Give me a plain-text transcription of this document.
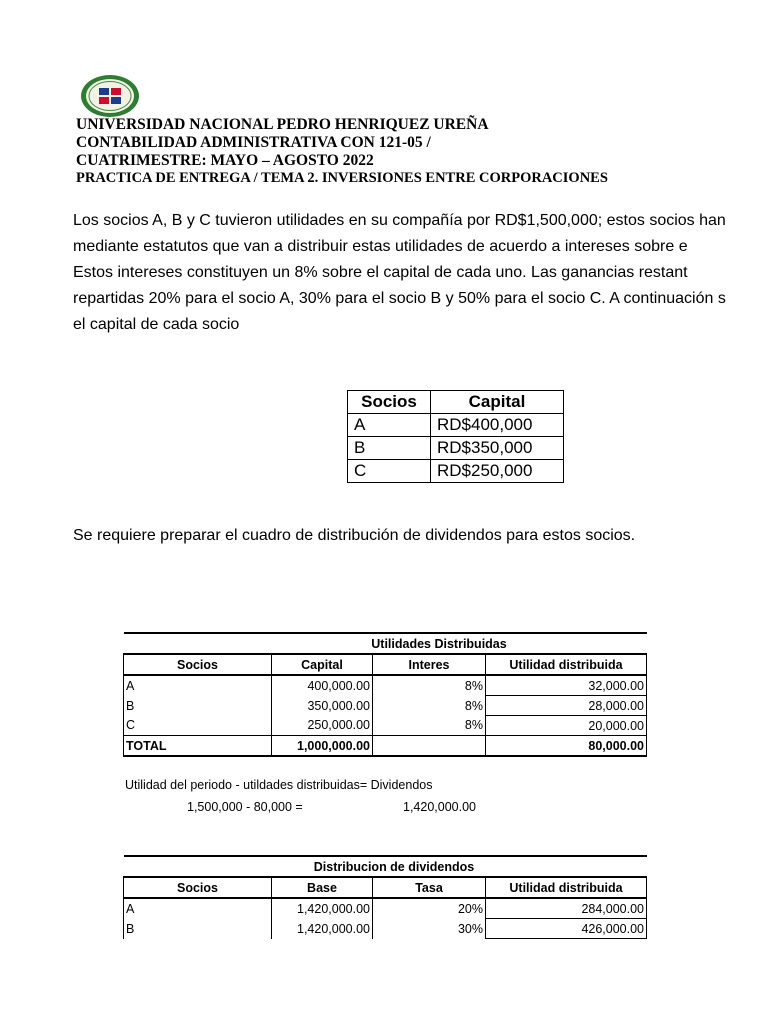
UNIVERSIDAD NACIONAL PEDRO HENRIQUEZ UREÑA
CONTABILIDAD ADMINISTRATIVA CON 121-05 /
CUATRIMESTRE: MAYO – AGOSTO 2022
PRACTICA DE ENTREGA / TEMA 2. INVERSIONES ENTRE CORPORACIONES
Los socios A, B y C tuvieron utilidades en su compañía por RD$1,500,000; estos socios han
mediante estatutos que van a distribuir estas utilidades de acuerdo a intereses sobre e
Estos intereses constituyen un 8% sobre el capital de cada uno. Las ganancias restant
repartidas 20% para el socio A, 30% para el socio B y 50% para el socio C. A continuación s
el capital de cada socio
Socios	Capital
A	RD$400,000
B	RD$350,000
C	RD$250,000
Se requiere preparar el cuadro de distribución de dividendos para estos socios.
Utilidades Distribuidas			
Socios	Capital	Interes	Utilidad distribuida
A	400,000.00	8%	32,000.00
B	350,000.00	8%	28,000.00
C	250,000.00	8%	20,000.00
TOTAL	1,000,000.00		80,000.00
Utilidad del periodo - utildades distribuidas= Dividendos
1,500,000 - 80,000 =	1,420,000.00
Distribucion de dividendos			
Socios	Base	Tasa	Utilidad distribuida
A	1,420,000.00	20%	284,000.00
B	1,420,000.00	30%	426,000.00
